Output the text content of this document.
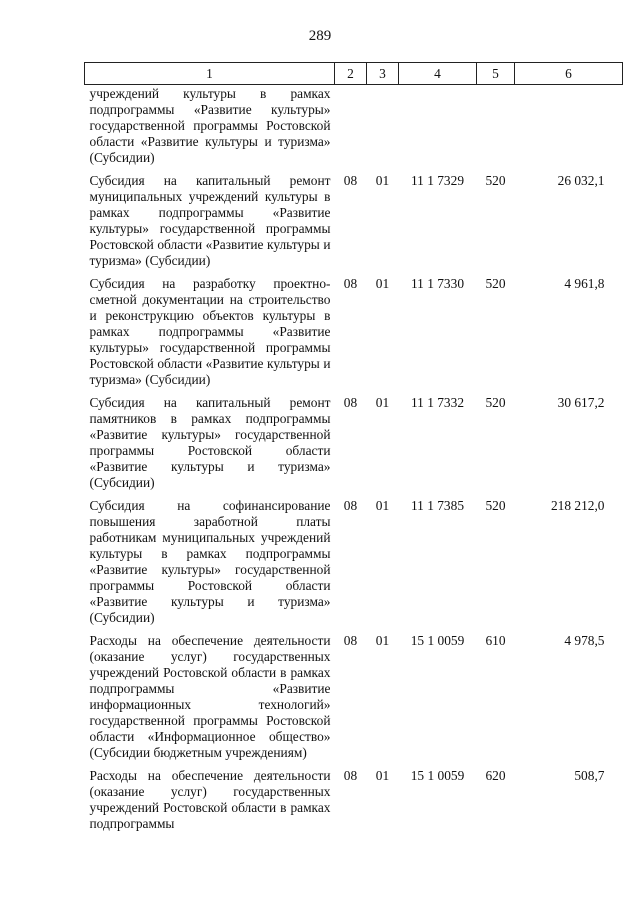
289
1	2	3	4	5	6
учреждений культуры в рамках подпрограммы «Развитие культуры» государственной программы Ростовской области «Развитие культуры и туризма» (Субсидии)					
Субсидия на капитальный ремонт муниципальных учреждений культуры в рамках подпрограммы «Развитие культуры» государственной программы Ростовской области «Развитие культуры и туризма» (Субсидии)	08	01	11 1 7329	520	26 032,1
Субсидия на разработку проектно-сметной документации на строительство и реконструкцию объектов культуры в рамках подпрограммы «Развитие культуры» государственной программы Ростовской области «Развитие культуры и туризма» (Субсидии)	08	01	11 1 7330	520	4 961,8
Субсидия на капитальный ремонт памятников в рамках подпрограммы «Развитие культуры» государственной программы Ростовской области «Развитие культуры и туризма» (Субсидии)	08	01	11 1 7332	520	30 617,2
Субсидия на софинансирование повышения заработной платы работникам муниципальных учреждений культуры в рамках подпрограммы «Развитие культуры» государственной программы Ростовской области «Развитие культуры и туризма» (Субсидии)	08	01	11 1 7385	520	218 212,0
Расходы на обеспечение деятельности (оказание услуг) государственных учреждений Ростовской области в рамках подпрограммы «Развитие информационных технологий» государственной программы Ростовской области «Информационное общество» (Субсидии бюджетным учреждениям)	08	01	15 1 0059	610	4 978,5
Расходы на обеспечение деятельности (оказание услуг) государственных учреждений Ростовской области в рамках подпрограммы	08	01	15 1 0059	620	508,7
